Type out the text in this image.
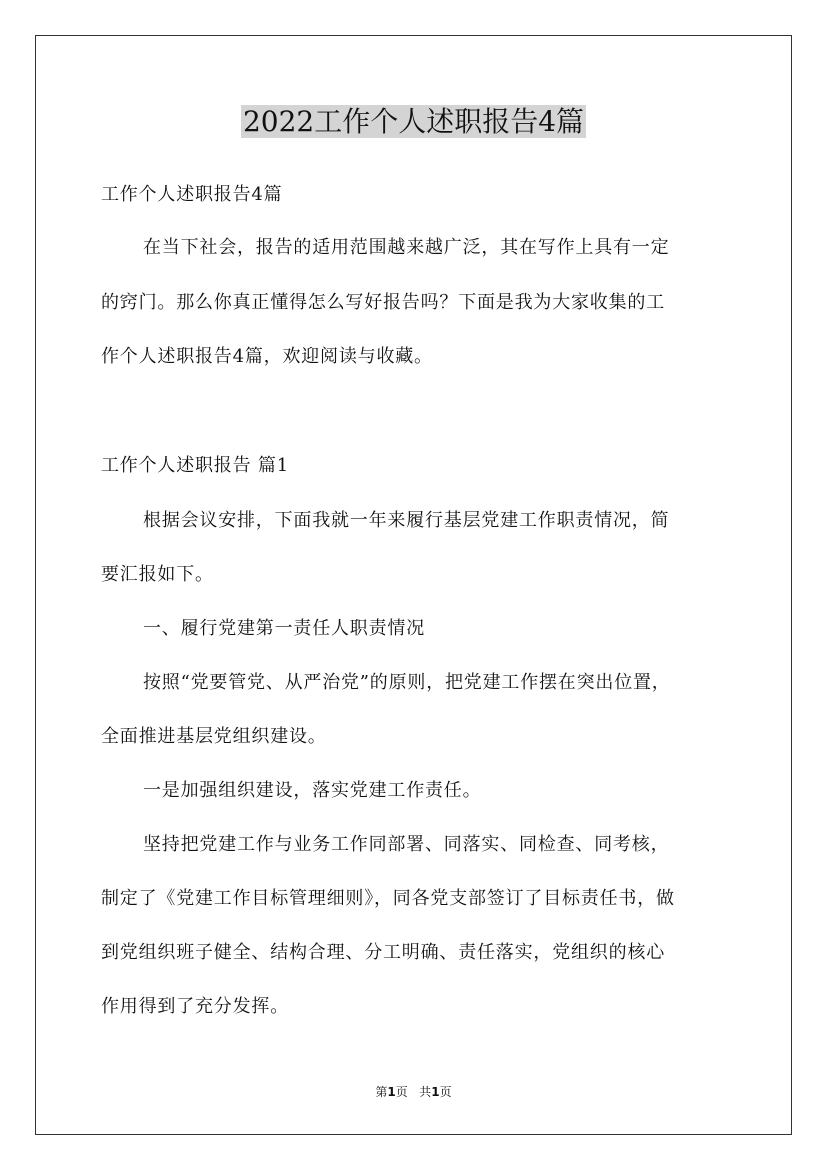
2022工作个人述职报告4篇
工作个人述职报告4篇
在当下社会，报告的适用范围越来越广泛，其在写作上具有一定
的窍门。那么你真正懂得怎么写好报告吗？下面是我为大家收集的工
作个人述职报告4篇，欢迎阅读与收藏。
工作个人述职报告 篇1
根据会议安排，下面我就一年来履行基层党建工作职责情况，简
要汇报如下。
一、履行党建第一责任人职责情况
按照“党要管党、从严治党”的原则，把党建工作摆在突出位置，
全面推进基层党组织建设。
一是加强组织建设，落实党建工作责任。
坚持把党建工作与业务工作同部署、同落实、同检查、同考核，
制定了《党建工作目标管理细则》，同各党支部签订了目标责任书，做
到党组织班子健全、结构合理、分工明确、责任落实，党组织的核心
作用得到了充分发挥。
第1页 共1页
